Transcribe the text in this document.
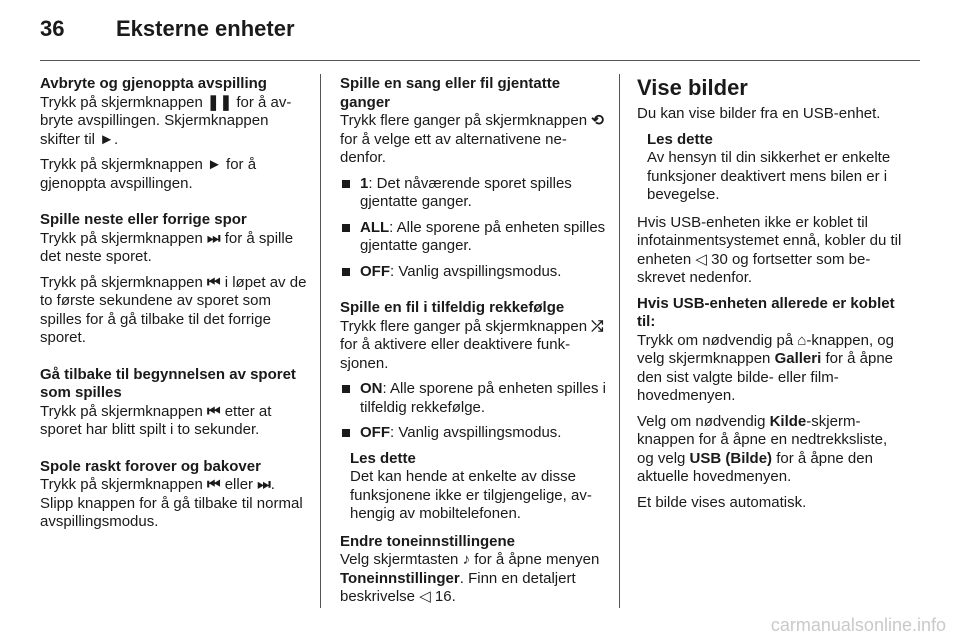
36 Eksterne enheter

Avbryte og gjenoppta avspilling

Trykk på skjermknappen ❚❚ for å avbryte avspillingen. Skjermknappen skifter til ►.

Trykk på skjermknappen ► for å gjenoppta avspillingen.

Spille neste eller forrige spor

Trykk på skjermknappen ⏭ for å spille det neste sporet.

Trykk på skjermknappen ⏮ i løpet av de to første sekundene av sporet som spilles for å gå tilbake til det forrige sporet.

Gå tilbake til begynnelsen av sporet som spilles

Trykk på skjermknappen ⏮ etter at sporet har blitt spilt i to sekunder.

Spole raskt forover og bakover

Trykk på skjermknappen ⏮ eller ⏭. Slipp knappen for å gå tilbake til normal avspillingsmodus.

Spille en sang eller fil gjentatte ganger

Trykk flere ganger på skjermknappen ⟲ for å velge ett av alternativene nedenfor.

1: Det nåværende sporet spilles gjentatte ganger.
ALL: Alle sporene på enheten spilles gjentatte ganger.
OFF: Vanlig avspillingsmodus.

Spille en fil i tilfeldig rekkefølge

Trykk flere ganger på skjermknappen ⤮ for å aktivere eller deaktivere funksjonen.

ON: Alle sporene på enheten spilles i tilfeldig rekkefølge.
OFF: Vanlig avspillingsmodus.
Les dette
Det kan hende at enkelte av disse funksjonene ikke er tilgjengelige, avhengig av mobiltelefonen.

Endre toneinnstillingene

Velg skjermtasten ♪ for å åpne menyen Toneinnstillinger. Finn en detaljert beskrivelse ◁ 16.

Vise bilder

Du kan vise bilder fra en USB-enhet.

Les dette
Av hensyn til din sikkerhet er enkelte funksjoner deaktivert mens bilen er i bevegelse.

Hvis USB-enheten ikke er koblet til infotainmentsystemet ennå, kobler du til enheten ◁ 30 og fortsetter som beskrevet nedenfor.

Hvis USB-enheten allerede er koblet til:

Trykk om nødvendig på ⌂-knappen, og velg skjermknappen Galleri for å åpne den sist valgte bilde- eller filmhovedmenyen.

Velg om nødvendig Kilde-skjermknappen for å åpne en nedtrekksliste, og velg USB (Bilde) for å åpne den aktuelle hovedmenyen.

Et bilde vises automatisk.

carmanualsonline.info
